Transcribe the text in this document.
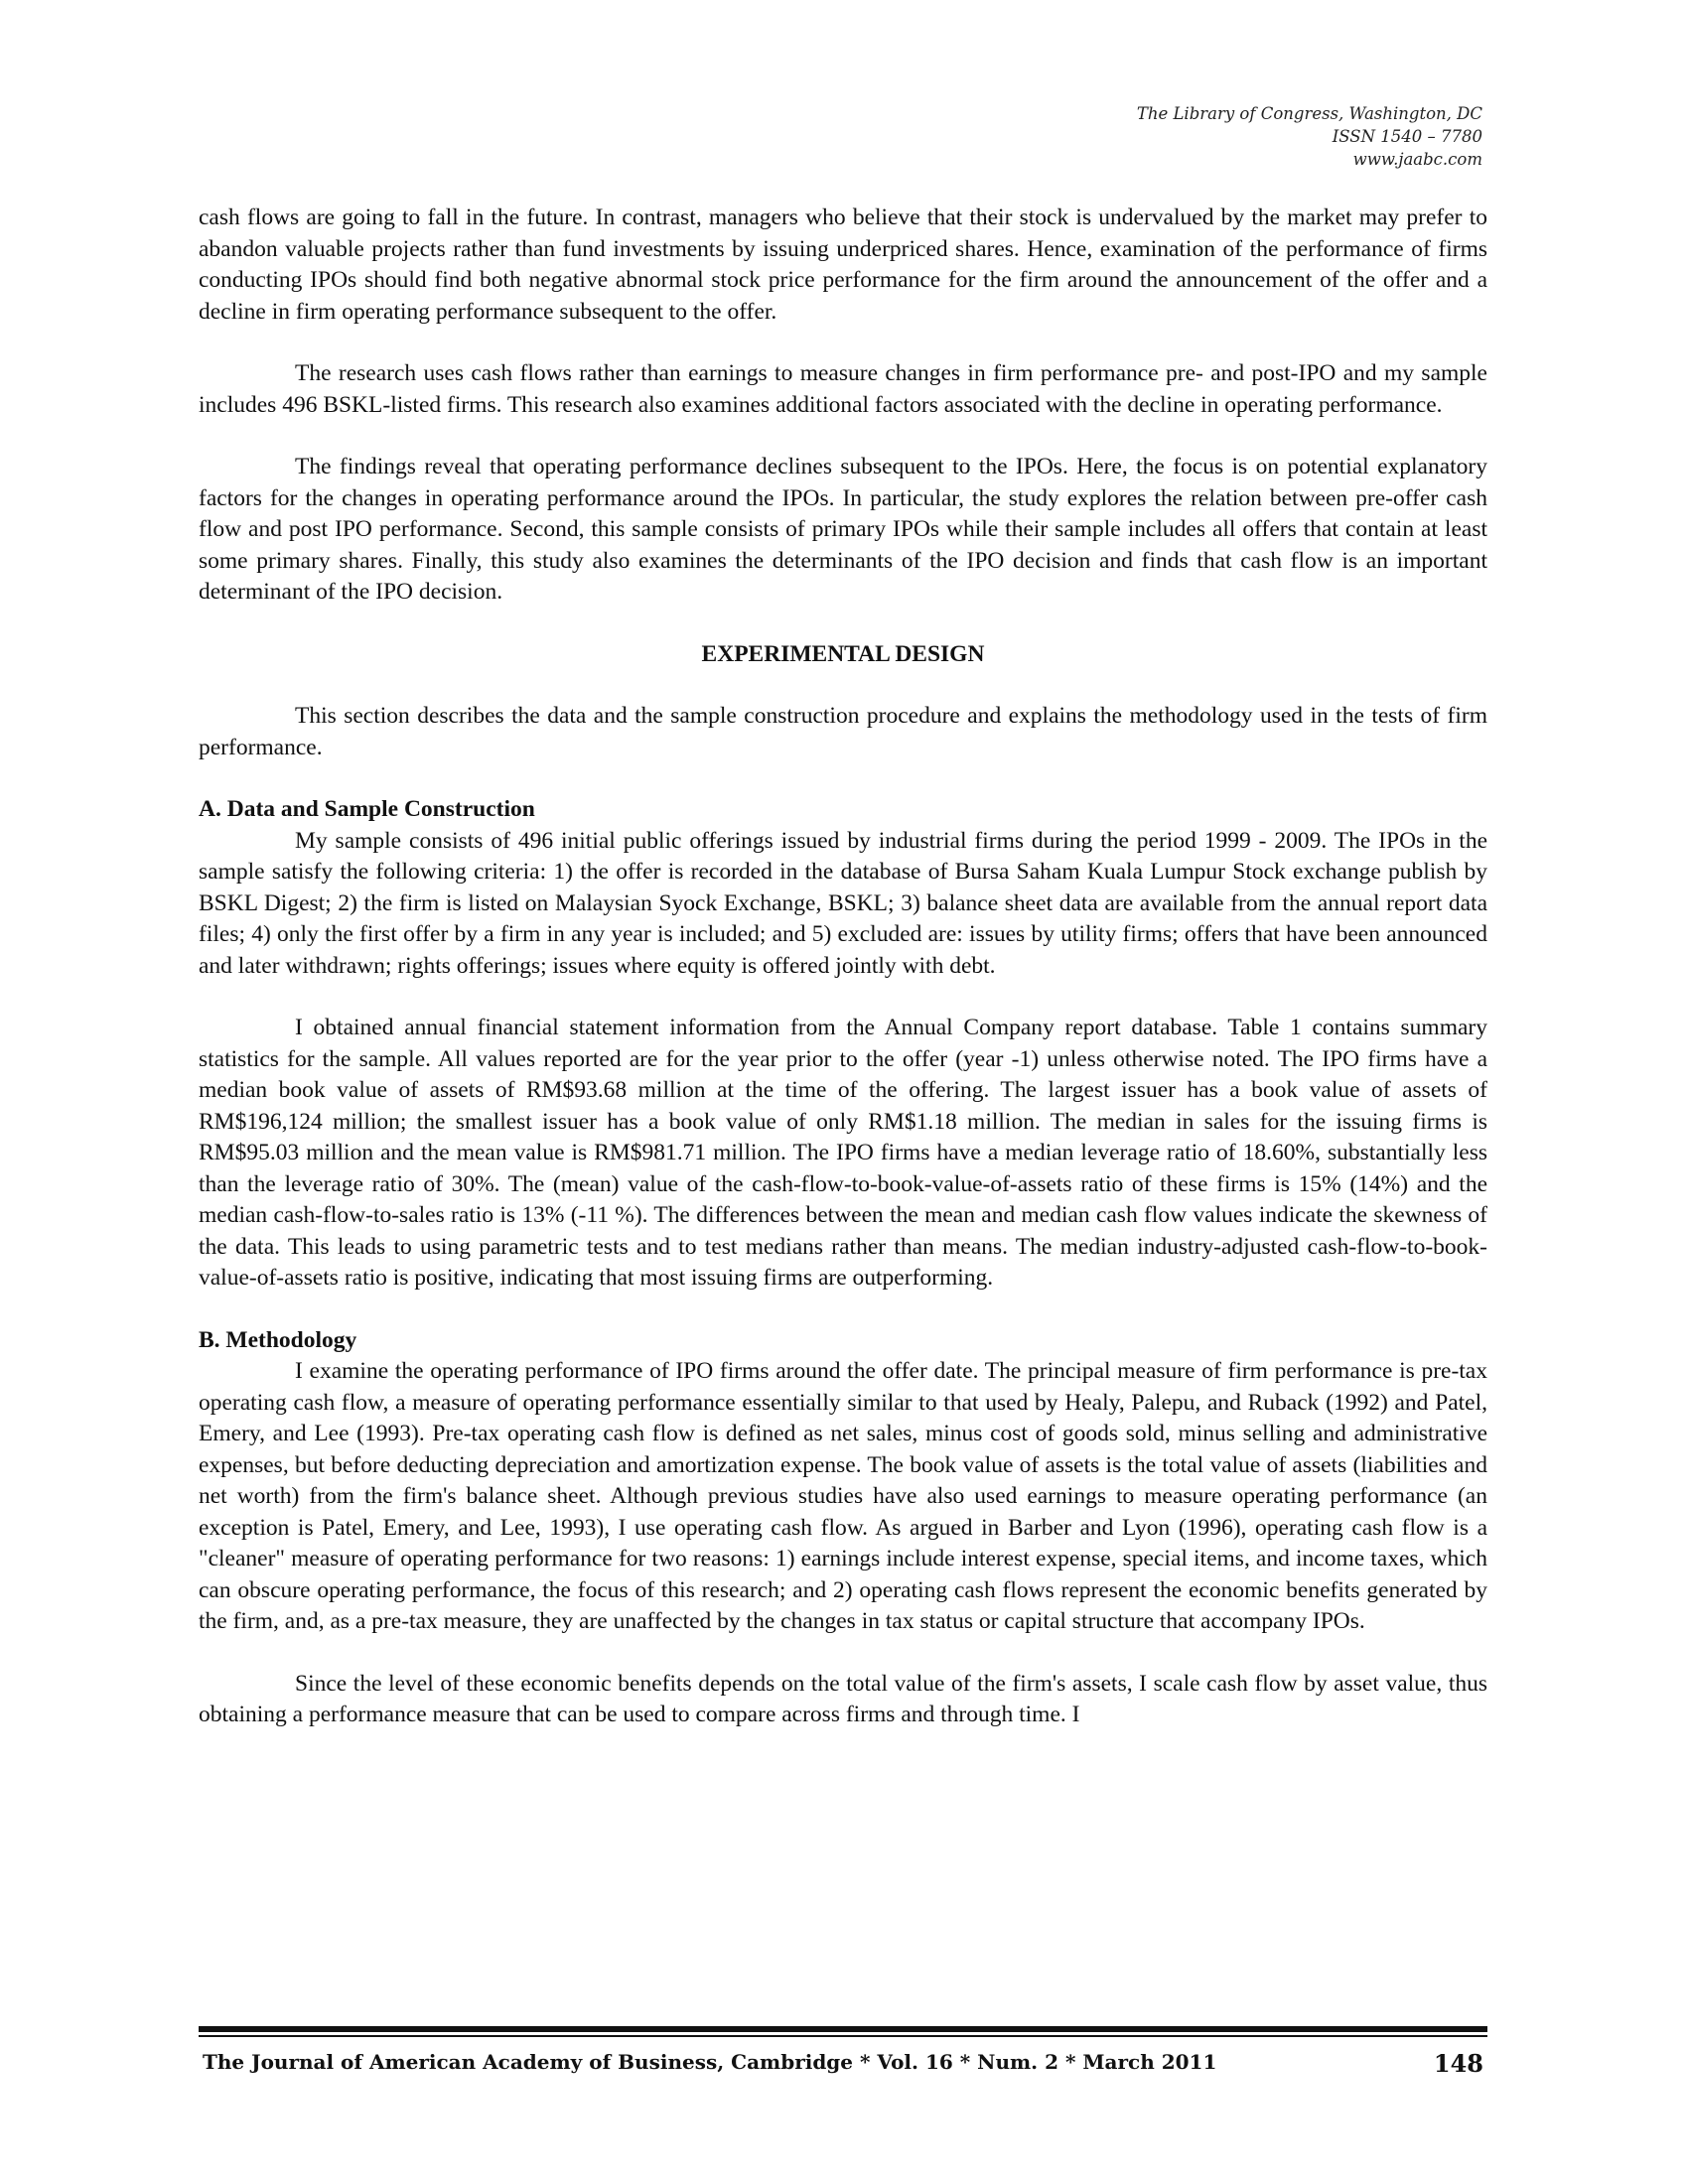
The Library of Congress, Washington, DC
ISSN 1540 – 7780
www.jaabc.com

cash flows are going to fall in the future. In contrast, managers who believe that their stock is undervalued by the market may prefer to abandon valuable projects rather than fund investments by issuing underpriced shares. Hence, examination of the performance of firms conducting IPOs should find both negative abnormal stock price performance for the firm around the announcement of the offer and a decline in firm operating performance subsequent to the offer.

The research uses cash flows rather than earnings to measure changes in firm performance pre- and post-IPO and my sample includes 496 BSKL-listed firms. This research also examines additional factors associated with the decline in operating performance.

The findings reveal that operating performance declines subsequent to the IPOs. Here, the focus is on potential explanatory factors for the changes in operating performance around the IPOs. In particular, the study explores the relation between pre-offer cash flow and post IPO performance. Second, this sample consists of primary IPOs while their sample includes all offers that contain at least some primary shares. Finally, this study also examines the determinants of the IPO decision and finds that cash flow is an important determinant of the IPO decision.

EXPERIMENTAL DESIGN

This section describes the data and the sample construction procedure and explains the methodology used in the tests of firm performance.

A. Data and Sample Construction

My sample consists of 496 initial public offerings issued by industrial firms during the period 1999 - 2009. The IPOs in the sample satisfy the following criteria: 1) the offer is recorded in the database of Bursa Saham Kuala Lumpur Stock exchange publish by BSKL Digest; 2) the firm is listed on Malaysian Syock Exchange, BSKL; 3) balance sheet data are available from the annual report data files; 4) only the first offer by a firm in any year is included; and 5) excluded are: issues by utility firms; offers that have been announced and later withdrawn; rights offerings; issues where equity is offered jointly with debt.

I obtained annual financial statement information from the Annual Company report database. Table 1 contains summary statistics for the sample. All values reported are for the year prior to the offer (year -1) unless otherwise noted. The IPO firms have a median book value of assets of RM$93.68 million at the time of the offering. The largest issuer has a book value of assets of RM$196,124 million; the smallest issuer has a book value of only RM$1.18 million. The median in sales for the issuing firms is RM$95.03 million and the mean value is RM$981.71 million. The IPO firms have a median leverage ratio of 18.60%, substantially less than the leverage ratio of 30%. The (mean) value of the cash-flow-to-book-value-of-assets ratio of these firms is 15% (14%) and the median cash-flow-to-sales ratio is 13% (-11 %). The differences between the mean and median cash flow values indicate the skewness of the data. This leads to using parametric tests and to test medians rather than means. The median industry-adjusted cash-flow-to-book-value-of-assets ratio is positive, indicating that most issuing firms are outperforming.

B. Methodology

I examine the operating performance of IPO firms around the offer date. The principal measure of firm performance is pre-tax operating cash flow, a measure of operating performance essentially similar to that used by Healy, Palepu, and Ruback (1992) and Patel, Emery, and Lee (1993). Pre-tax operating cash flow is defined as net sales, minus cost of goods sold, minus selling and administrative expenses, but before deducting depreciation and amortization expense. The book value of assets is the total value of assets (liabilities and net worth) from the firm's balance sheet. Although previous studies have also used earnings to measure operating performance (an exception is Patel, Emery, and Lee, 1993), I use operating cash flow. As argued in Barber and Lyon (1996), operating cash flow is a "cleaner" measure of operating performance for two reasons: 1) earnings include interest expense, special items, and income taxes, which can obscure operating performance, the focus of this research; and 2) operating cash flows represent the economic benefits generated by the firm, and, as a pre-tax measure, they are unaffected by the changes in tax status or capital structure that accompany IPOs.

Since the level of these economic benefits depends on the total value of the firm's assets, I scale cash flow by asset value, thus obtaining a performance measure that can be used to compare across firms and through time. I

The Journal of American Academy of Business, Cambridge * Vol. 16 * Num. 2 * March 2011	148
